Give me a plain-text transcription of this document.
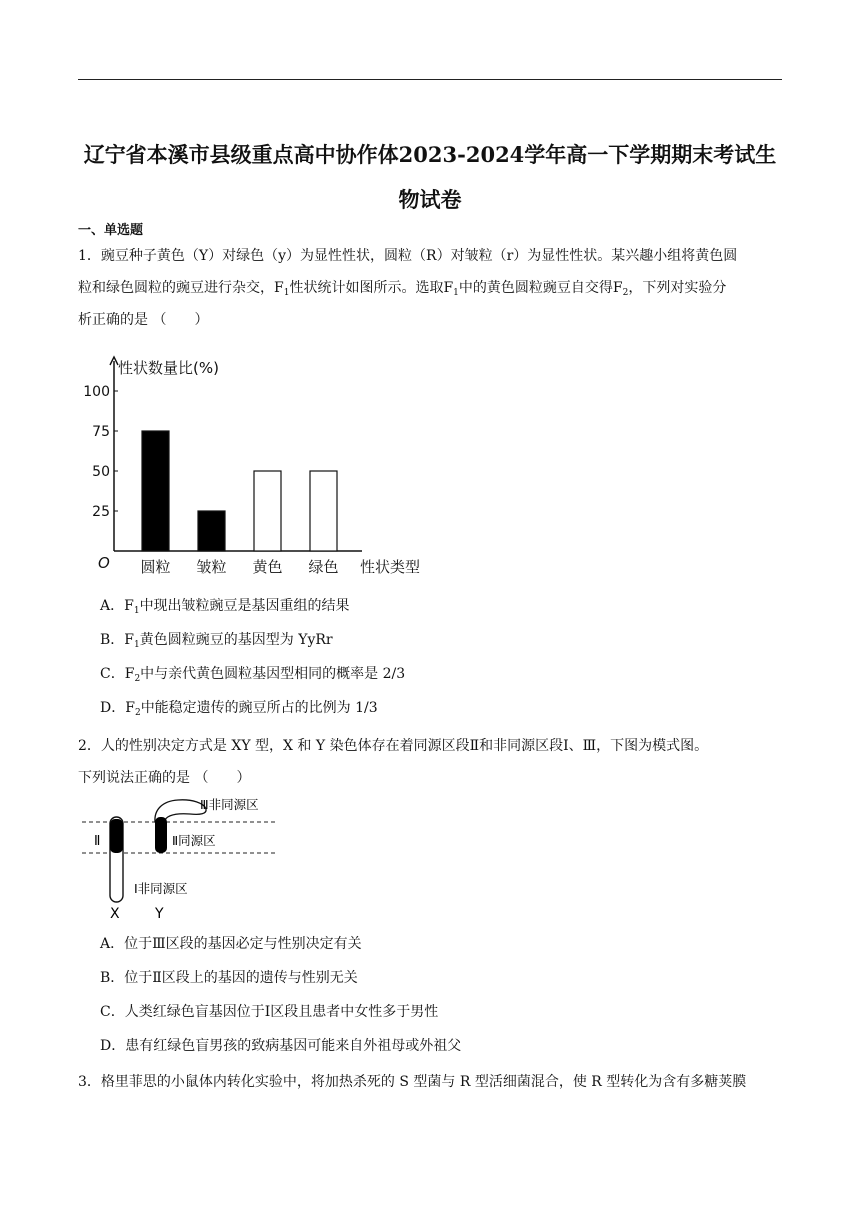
辽宁省本溪市县级重点高中协作体2023-2024学年高一下学期期末考试生物试卷
一、单选题
1．豌豆种子黄色（Y）对绿色（y）为显性性状，圆粒（R）对皱粒（r）为显性性状。某兴趣小组将黄色圆
粒和绿色圆粒的豌豆进行杂交，$F_1$性状统计如图所示。选取$F_1$中的黄色圆粒豌豆自交得$F_2$，下列对实验分
析正确的是 （　　）
25
50
75
100
性状数量比(%)
性状类型
O 圆粒 皱粒 黄色 绿色
A．$F_1$中现出皱粒豌豆是基因重组的结果
B．$F_1$黄色圆粒豌豆的基因型为 YyRr
C．$F_2$中与亲代黄色圆粒基因型相同的概率是 2/3
D．$F_2$中能稳定遗传的豌豆所占的比例为 1/3
2．人的性别决定方式是 XY 型，X 和 Y 染色体存在着同源区段Ⅱ和非同源区段Ⅰ、Ⅲ，下图为模式图。
下列说法正确的是 （　　）
Ⅲ非同源区
Ⅱ	Ⅱ同源区
Ⅰ非同源区
X	Y
A．位于Ⅲ区段的基因必定与性别决定有关
B．位于Ⅱ区段上的基因的遗传与性别无关
C．人类红绿色盲基因位于Ⅰ区段且患者中女性多于男性
D．患有红绿色盲男孩的致病基因可能来自外祖母或外祖父
3．格里菲思的小鼠体内转化实验中，将加热杀死的 S 型菌与 R 型活细菌混合，使 R 型转化为含有多糖荚膜
